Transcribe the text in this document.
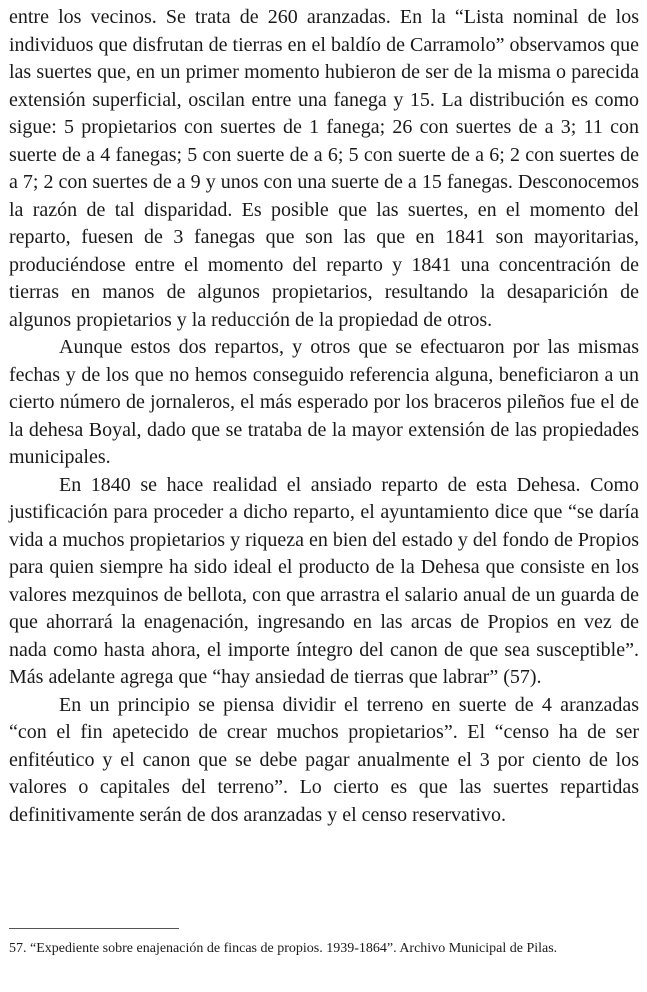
entre los vecinos. Se trata de 260 aranzadas. En la “Lista nominal de los individuos que disfrutan de tierras en el baldío de Carramolo” observamos que las suertes que, en un primer momento hubieron de ser de la misma o parecida extensión superficial, oscilan entre una fanega y 15. La distribución es como sigue: 5 propietarios con suertes de 1 fanega; 26 con suertes de a 3; 11 con suerte de a 4 fanegas; 5 con suerte de a 6; 5 con suerte de a 6; 2 con suertes de a 7; 2 con suertes de a 9 y unos con una suerte de a 15 fanegas. Desconocemos la razón de tal disparidad. Es posible que las suertes, en el momento del reparto, fuesen de 3 fanegas que son las que en 1841 son mayoritarias, produciéndose entre el momento del reparto y 1841 una concentración de tierras en manos de algunos propietarios, resultando la desaparición de algunos propietarios y la reducción de la propiedad de otros.

Aunque estos dos repartos, y otros que se efectuaron por las mismas fechas y de los que no hemos conseguido referencia alguna, beneficiaron a un cierto número de jornaleros, el más esperado por los braceros pileños fue el de la dehesa Boyal, dado que se trataba de la mayor extensión de las propiedades municipales.

En 1840 se hace realidad el ansiado reparto de esta Dehesa. Como justificación para proceder a dicho reparto, el ayuntamiento dice que “se daría vida a muchos propietarios y riqueza en bien del estado y del fondo de Propios para quien siempre ha sido ideal el producto de la Dehesa que consiste en los valores mezquinos de bellota, con que arrastra el salario anual de un guarda de que ahorrará la enagenación, ingresando en las arcas de Propios en vez de nada como hasta ahora, el importe íntegro del canon de que sea susceptible”. Más adelante agrega que “hay ansiedad de tierras que labrar” (57).

En un principio se piensa dividir el terreno en suerte de 4 aranzadas “con el fin apetecido de crear muchos propietarios”. El “censo ha de ser enfitéutico y el canon que se debe pagar anualmente el 3 por ciento de los valores o capitales del terreno”. Lo cierto es que las suertes repartidas definitivamente serán de dos aranzadas y el censo reservativo.

57. “Expediente sobre enajenación de fincas de propios. 1939-1864”. Archivo Municipal de Pilas.
